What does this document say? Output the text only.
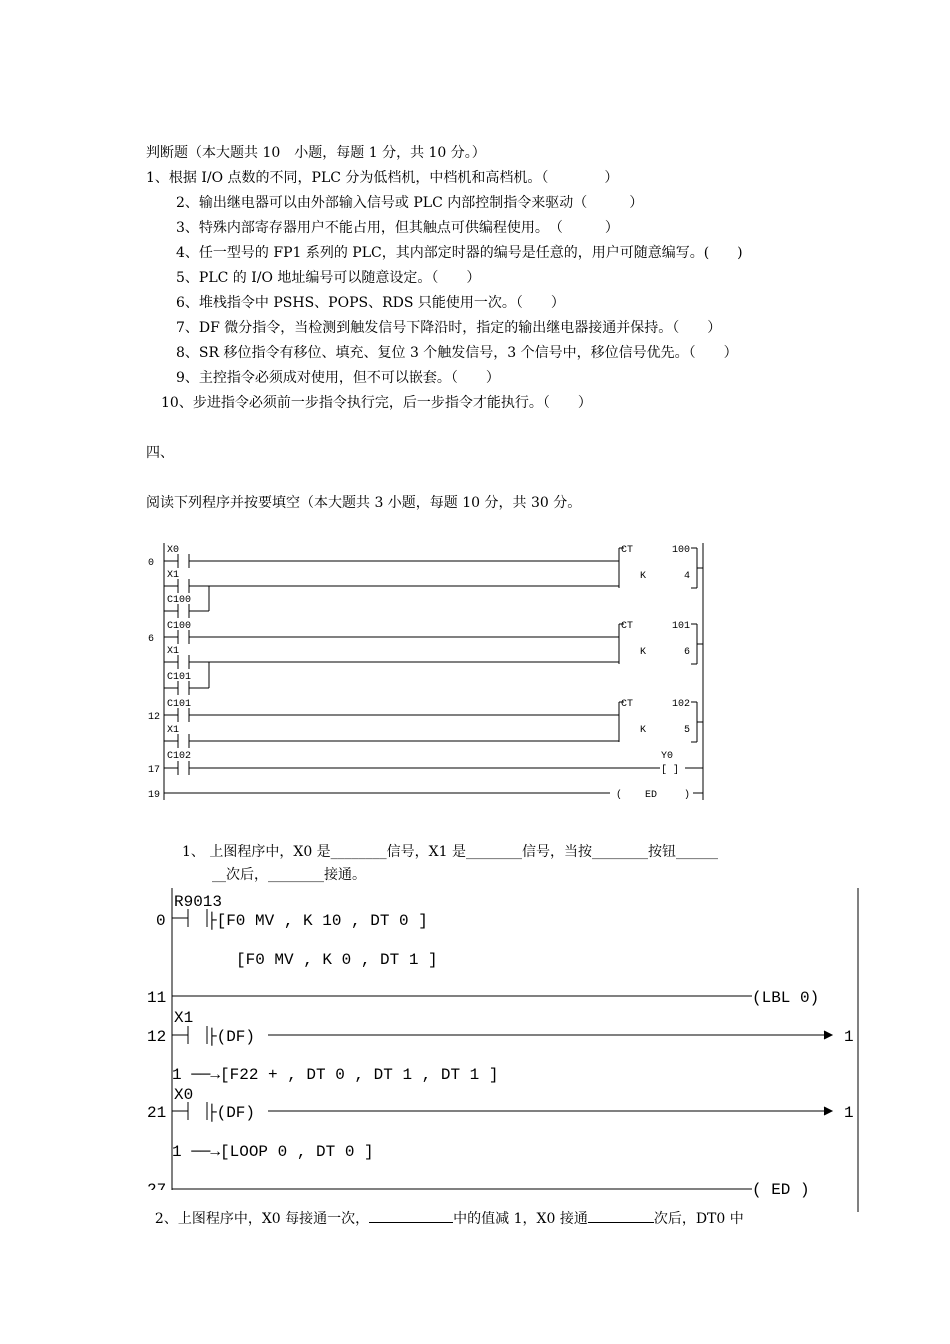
判断题（本大题共 10　小题，每题 1 分，共 10 分。）
1、根据 I/O 点数的不同，PLC 分为低档机，中档机和高档机。（　　　　）
2、输出继电器可以由外部输入信号或 PLC 内部控制指令来驱动（　　　）
3、特殊内部寄存器用户不能占用，但其触点可供编程使用。　（　　　）
4、任一型号的 FP1 系列的 PLC，其内部定时器的编号是任意的，用户可随意编写。(　　)
5、PLC 的 I/O 地址编号可以随意设定。（　　）
6、堆栈指令中 PSHS、POPS、RDS 只能使用一次。（　　）
7、DF 微分指令，当检测到触发信号下降沿时，指定的输出继电器接通并保持。（　　）
8、SR 移位指令有移位、填充、复位 3 个触发信号，3 个信号中，移位信号优先。（　　）
9、主控指令必须成对使用，但不可以嵌套。（　　）
10、步进指令必须前一步指令执行完，后一步指令才能执行。（　　）
四、
阅读下列程序并按要填空（本大题共 3 小题，每题 10 分，共 30 分。
0
6
12
17
19
X0
X1
C100
C100
X1
C101
C101
X1
C102
CT	100
K	4
CT	101
K	6
CT	102
K	5
Y0
[ ]
( ED	)
1、 上图程序中，X0 是________信号，X1 是________信号，当按________按钮______
__次后，________接通。
0
11
12
21
R9013
X1
X0
├[F0 MV , K 10 , DT 0 ]
[F0 MV , K 0 , DT 1 ]
(LBL 0)
├(DF)	1
1 ──→[F22 + , DT 0 , DT 1 , DT 1 ]
├(DF)	1
1 ──→[LOOP 0 , DT 0 ]
( ED )

2、上图程序中，X0 每接通一次，	中的值减 1，X0 接通	次后，DT0 中
